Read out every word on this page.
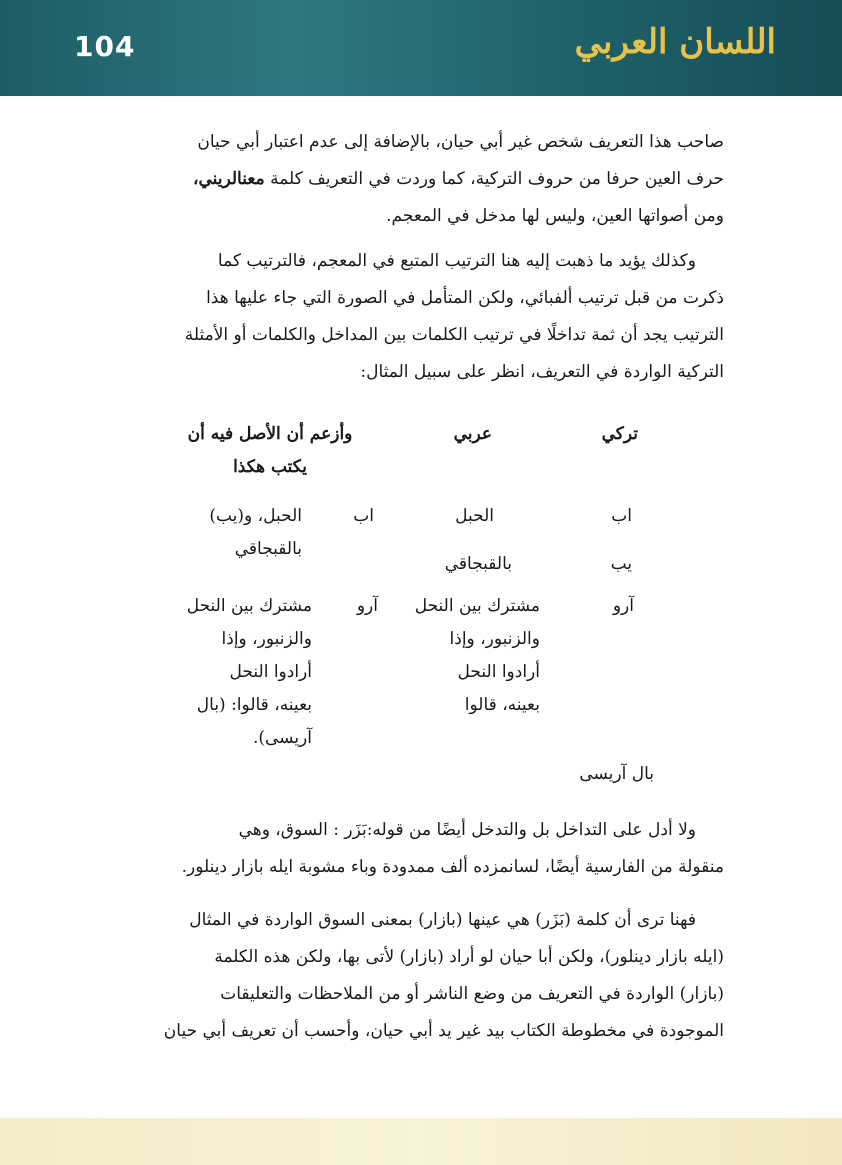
104	اللسان العربي
صاحب هذا التعريف شخص غير أبي حيان، بالإضافة إلى عدم اعتبار أبي حيان
حرف العين حرفا من حروف التركية، كما وردت في التعريف كلمة معنالريني،
ومن أصواتها العين، وليس لها مدخل في المعجم.
وكذلك يؤيد ما ذهبت إليه هنا الترتيب المتبع في المعجم، فالترتيب كما
ذكرت من قبل ترتيب ألفبائي، ولكن المتأمل في الصورة التي جاء عليها هذا
الترتيب يجد أن ثمة تداخلًا في ترتيب الكلمات بين المداخل والكلمات أو الأمثلة
التركية الواردة في التعريف، انظر على سبيل المثال:
تركي
عربي
وأزعم أن الأصل فيه أن
يكتب هكذا
اب
الحبل
اب
الحبل، و(يب)
بالقبجاقي
يب
بالقبجاقي
آرو
مشترك بين النحل
والزنبور، وإذا
أرادوا النحل
بعينه، قالوا
آرو
مشترك بين النحل
والزنبور، وإذا
أرادوا النحل
بعينه، قالوا: (بال
آريسى).
بال آريسى
ولا أدل على التداخل بل والتدخل أيضًا من قوله:بَزَر : السوق، وهي
منقولة من الفارسية أيضًا، لسانمزده ألف ممدودة وباء مشوبة ايله بازار دينلور.
فهنا ترى أن كلمة (بَزَر) هي عينها (بازار) بمعنى السوق الواردة في المثال
(ايله بازار دينلور)، ولكن أبا حيان لو أراد (بازار) لأتى بها، ولكن هذه الكلمة
(بازار) الواردة في التعريف من وضع الناشر أو من الملاحظات والتعليقات
الموجودة في مخطوطة الكتاب بيد غير يد أبي حيان، وأحسب أن تعريف أبي حيان
